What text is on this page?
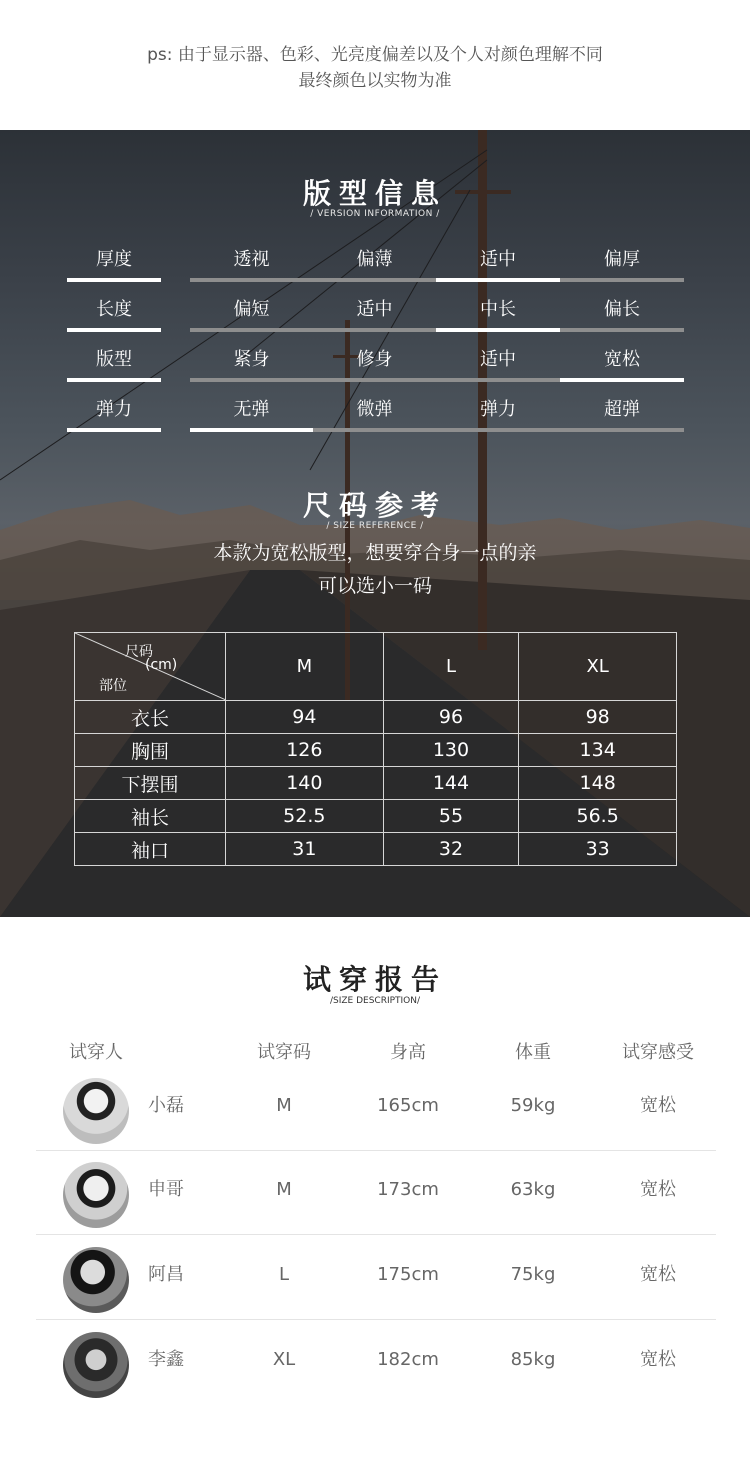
ps: 由于显示器、色彩、光亮度偏差以及个人对颜色理解不同
最终颜色以实物为准
版型信息
/ VERSION INFORMATION /
厚度	透视	偏薄	适中	偏厚
长度	偏短	适中	中长	偏长
版型	紧身	修身	适中	宽松
弹力	无弹	微弹	弹力	超弹
尺码参考
/ SIZE REFERENCE /
本款为宽松版型，想要穿合身一点的亲
可以选小一码
尺码
(cm)
部位	M	L	XL
衣长	94	96	98
胸围	126	130	134
下摆围	140	144	148
袖长	52.5	55	56.5
袖口	31	32	33
试穿报告
/SIZE DESCRIPTION/
试穿人	试穿码	身高	体重	试穿感受
小磊	M	165cm	59kg	宽松
申哥	M	173cm	63kg	宽松
阿昌	L	175cm	75kg	宽松
李鑫	XL	182cm	85kg	宽松
